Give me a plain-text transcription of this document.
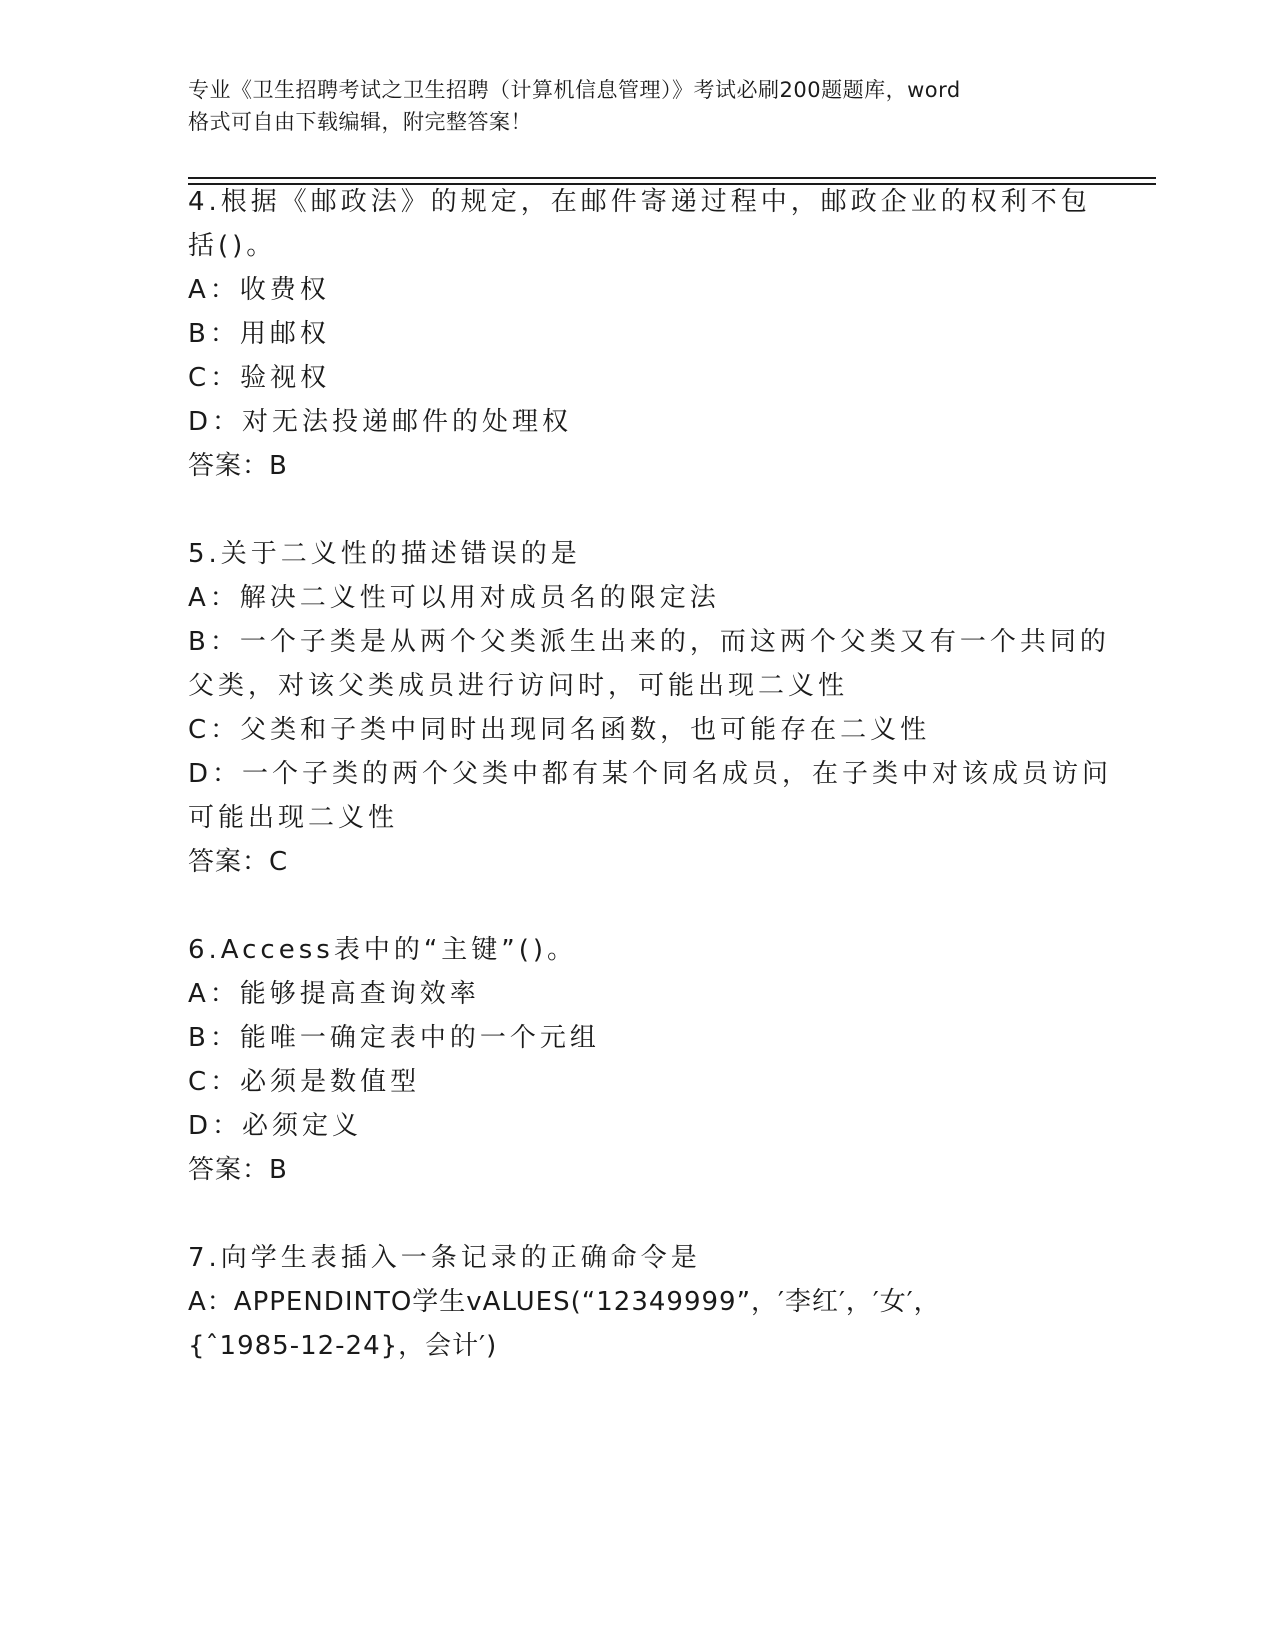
专业《卫生招聘考试之卫生招聘（计算机信息管理）》考试必刷200题题库，word

格式可自由下载编辑，附完整答案！

4.根据《邮政法》的规定，在邮件寄递过程中，邮政企业的权利不包

括()。

A：收费权

B：用邮权

C：验视权

D：对无法投递邮件的处理权

答案：B

5.关于二义性的描述错误的是

A：解决二义性可以用对成员名的限定法

B：一个子类是从两个父类派生出来的，而这两个父类又有一个共同的

父类，对该父类成员进行访问时，可能出现二义性

C：父类和子类中同时出现同名函数，也可能存在二义性

D：一个子类的两个父类中都有某个同名成员，在子类中对该成员访问

可能出现二义性

答案：C

6.Access表中的“主键”()。

A：能够提高查询效率

B：能唯一确定表中的一个元组

C：必须是数值型

D：必须定义

答案：B

7.向学生表插入一条记录的正确命令是

A：APPENDINTO学生vALUES(“12349999”，′李红′，′女′，

{ˆ1985-12-24}，会计′)
